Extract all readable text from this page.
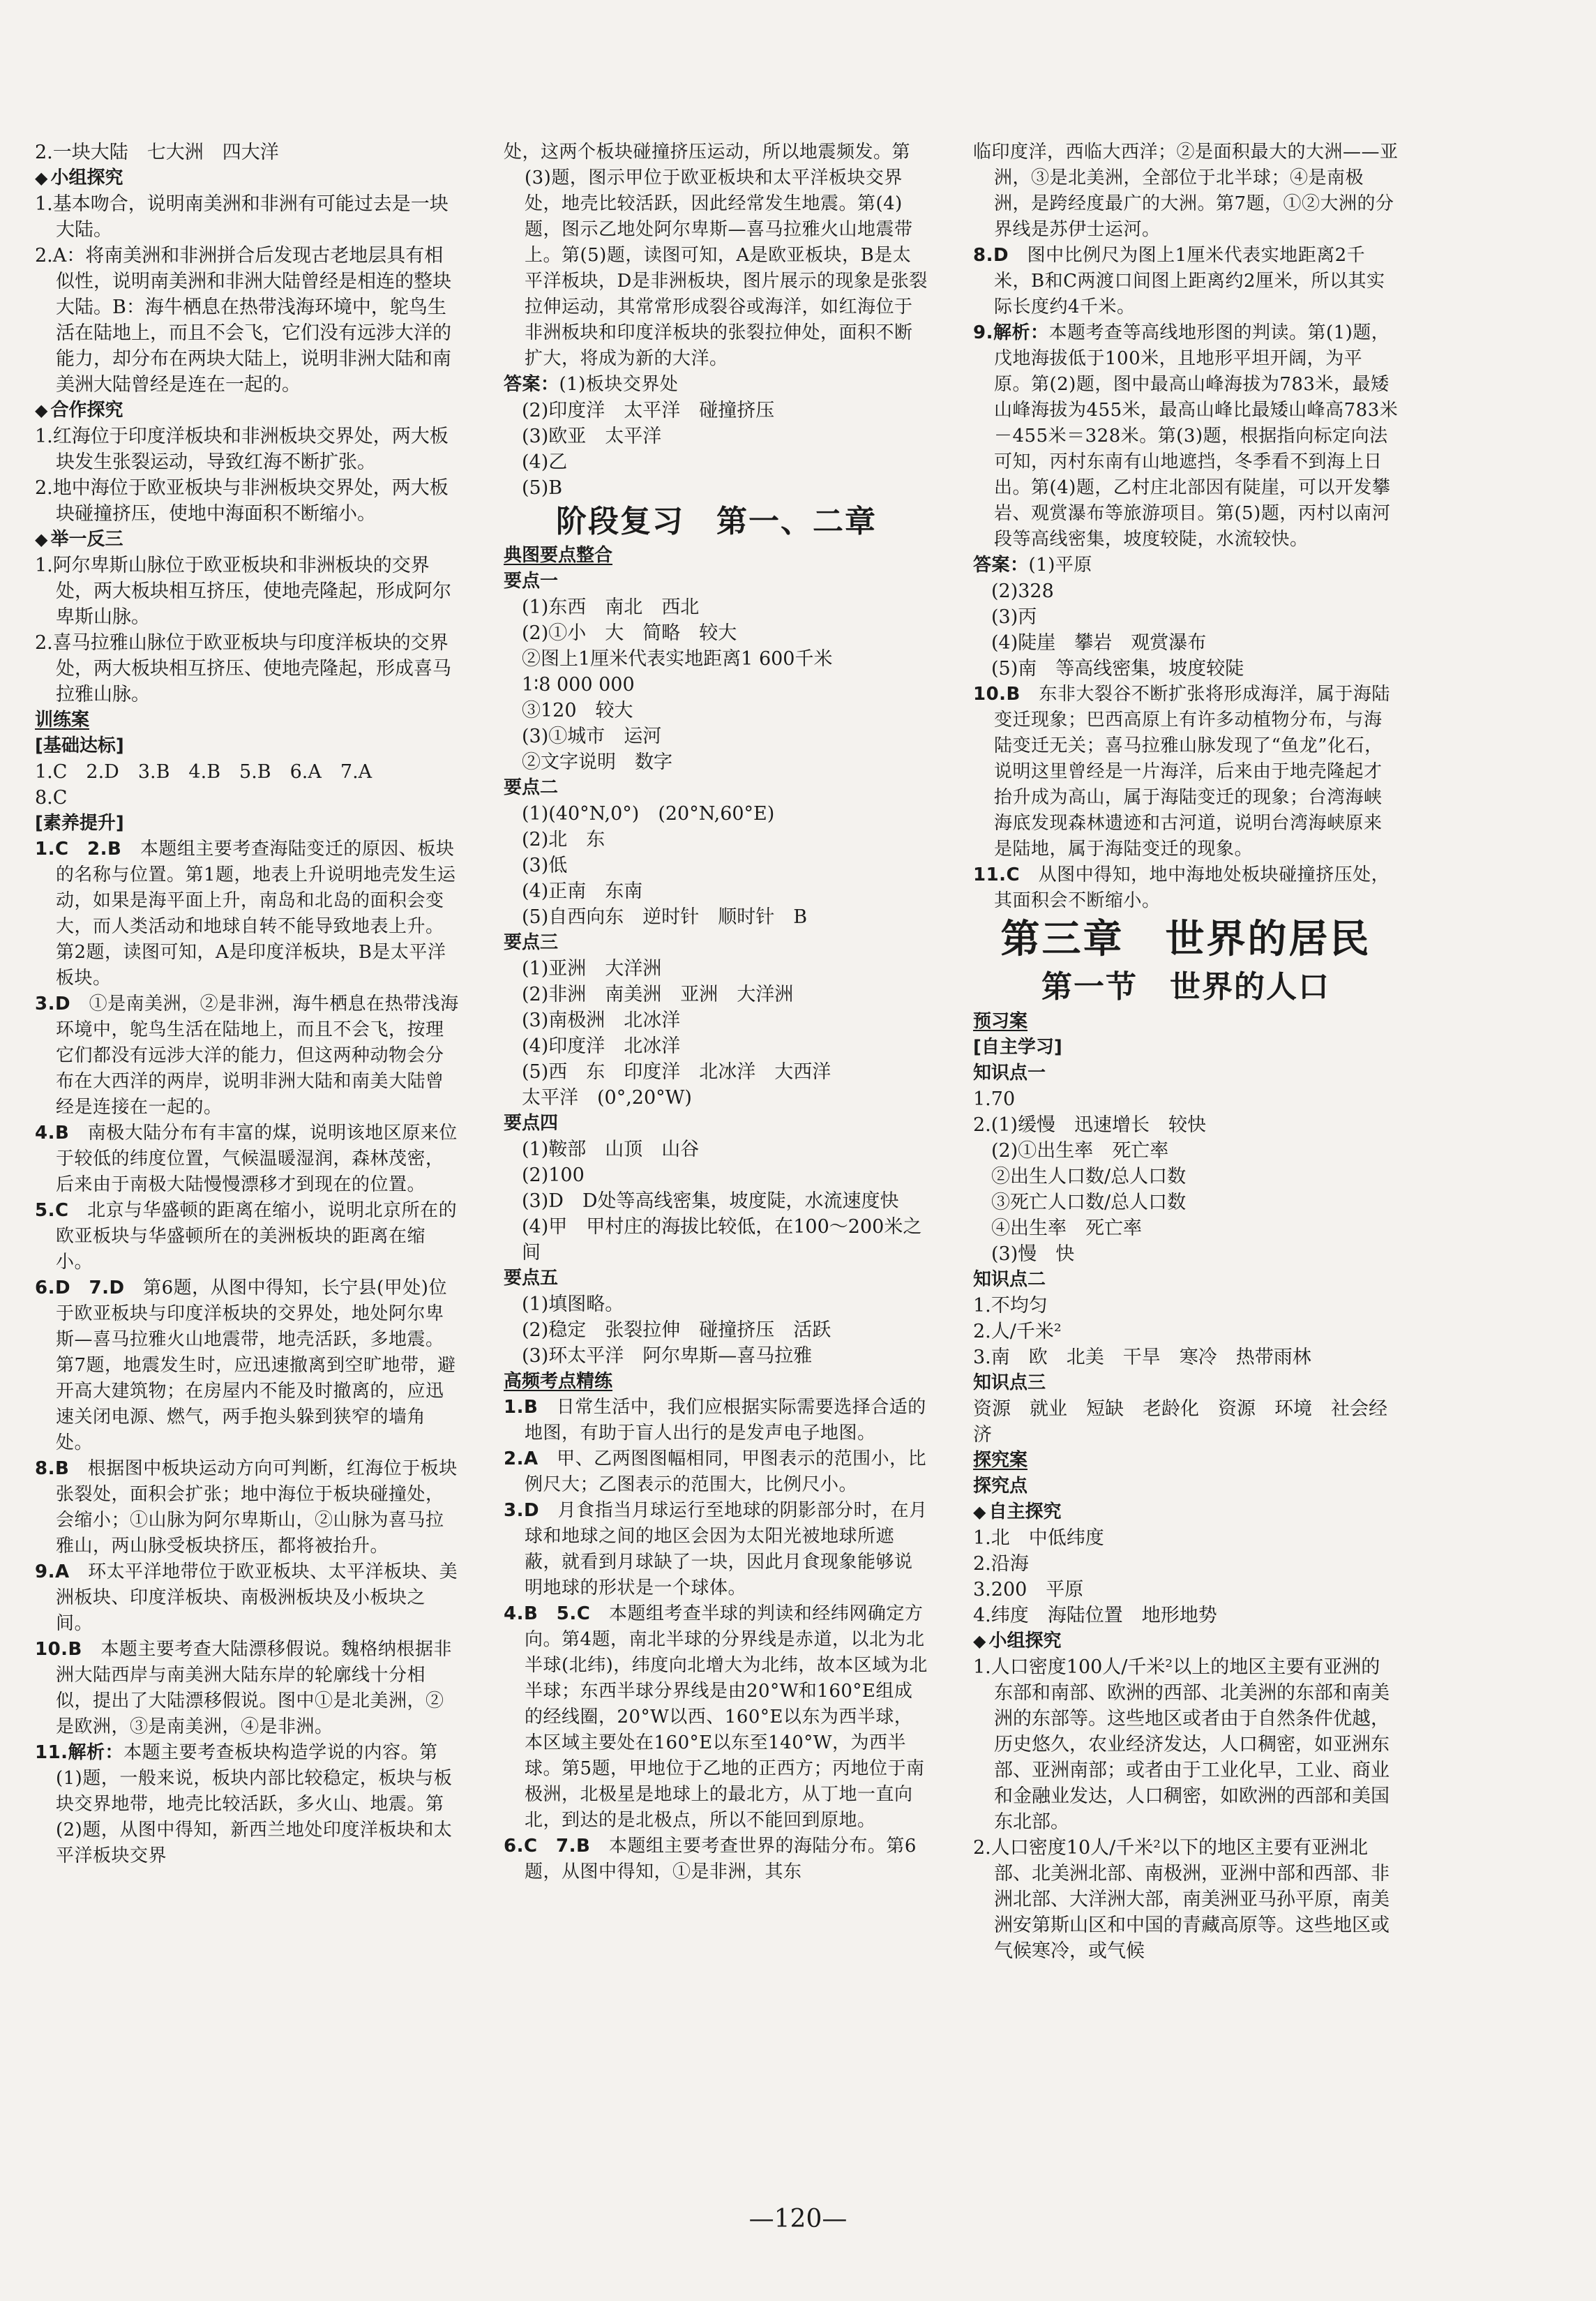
2.一块大陆　七大洲　四大洋

◆ 小组探究

1.基本吻合，说明南美洲和非洲有可能过去是一块大陆。

2.A：将南美洲和非洲拼合后发现古老地层具有相似性，说明南美洲和非洲大陆曾经是相连的整块大陆。B：海牛栖息在热带浅海环境中，鸵鸟生活在陆地上，而且不会飞，它们没有远涉大洋的能力，却分布在两块大陆上，说明非洲大陆和南美洲大陆曾经是连在一起的。

◆ 合作探究

1.红海位于印度洋板块和非洲板块交界处，两大板块发生张裂运动，导致红海不断扩张。

2.地中海位于欧亚板块与非洲板块交界处，两大板块碰撞挤压，使地中海面积不断缩小。

◆ 举一反三

1.阿尔卑斯山脉位于欧亚板块和非洲板块的交界处，两大板块相互挤压，使地壳隆起，形成阿尔卑斯山脉。

2.喜马拉雅山脉位于欧亚板块与印度洋板块的交界处，两大板块相互挤压、使地壳隆起，形成喜马拉雅山脉。

训练案

[基础达标]

1.C　2.D　3.B　4.B　5.B　6.A　7.A

8.C

[素养提升]

1.C　2.B　本题组主要考查海陆变迁的原因、板块的名称与位置。第1题，地表上升说明地壳发生运动，如果是海平面上升，南岛和北岛的面积会变大，而人类活动和地球自转不能导致地表上升。第2题，读图可知，A是印度洋板块，B是太平洋板块。

3.D　①是南美洲，②是非洲，海牛栖息在热带浅海环境中，鸵鸟生活在陆地上，而且不会飞，按理它们都没有远涉大洋的能力，但这两种动物会分布在大西洋的两岸，说明非洲大陆和南美大陆曾经是连接在一起的。

4.B　南极大陆分布有丰富的煤，说明该地区原来位于较低的纬度位置，气候温暖湿润，森林茂密，后来由于南极大陆慢慢漂移才到现在的位置。

5.C　北京与华盛顿的距离在缩小，说明北京所在的欧亚板块与华盛顿所在的美洲板块的距离在缩小。

6.D　7.D　第6题，从图中得知，长宁县(甲处)位于欧亚板块与印度洋板块的交界处，地处阿尔卑斯—喜马拉雅火山地震带，地壳活跃，多地震。第7题，地震发生时，应迅速撤离到空旷地带，避开高大建筑物；在房屋内不能及时撤离的，应迅速关闭电源、燃气，两手抱头躲到狭窄的墙角处。

8.B　根据图中板块运动方向可判断，红海位于板块张裂处，面积会扩张；地中海位于板块碰撞处，会缩小；①山脉为阿尔卑斯山，②山脉为喜马拉雅山，两山脉受板块挤压，都将被抬升。

9.A　环太平洋地带位于欧亚板块、太平洋板块、美洲板块、印度洋板块、南极洲板块及小板块之间。

10.B　本题主要考查大陆漂移假说。魏格纳根据非洲大陆西岸与南美洲大陆东岸的轮廓线十分相似，提出了大陆漂移假说。图中①是北美洲，②是欧洲，③是南美洲，④是非洲。

11.解析：本题主要考查板块构造学说的内容。第(1)题，一般来说，板块内部比较稳定，板块与板块交界地带，地壳比较活跃，多火山、地震。第(2)题，从图中得知，新西兰地处印度洋板块和太平洋板块交界

处，这两个板块碰撞挤压运动，所以地震频发。第(3)题，图示甲位于欧亚板块和太平洋板块交界处，地壳比较活跃，因此经常发生地震。第(4)题，图示乙地处阿尔卑斯—喜马拉雅火山地震带上。第(5)题，读图可知，A是欧亚板块，B是太平洋板块，D是非洲板块，图片展示的现象是张裂拉伸运动，其常常形成裂谷或海洋，如红海位于非洲板块和印度洋板块的张裂拉伸处，面积不断扩大，将成为新的大洋。

答案：(1)板块交界处

(2)印度洋　太平洋　碰撞挤压

(3)欧亚　太平洋

(4)乙

(5)B

阶段复习　第一、二章

典图要点整合

要点一

(1)东西　南北　西北

(2)①小　大　简略　较大

②图上1厘米代表实地距离1 600千米

1∶8 000 000

③120　较大

(3)①城市　运河

②文字说明　数字

要点二

(1)(40°N,0°)　(20°N,60°E)

(2)北　东

(3)低

(4)正南　东南

(5)自西向东　逆时针　顺时针　B

要点三

(1)亚洲　大洋洲

(2)非洲　南美洲　亚洲　大洋洲

(3)南极洲　北冰洋

(4)印度洋　北冰洋

(5)西　东　印度洋　北冰洋　大西洋

太平洋　(0°,20°W)

要点四

(1)鞍部　山顶　山谷

(2)100

(3)D　D处等高线密集，坡度陡，水流速度快

(4)甲　甲村庄的海拔比较低，在100～200米之间

要点五

(1)填图略。

(2)稳定　张裂拉伸　碰撞挤压　活跃

(3)环太平洋　阿尔卑斯—喜马拉雅

高频考点精练

1.B　日常生活中，我们应根据实际需要选择合适的地图，有助于盲人出行的是发声电子地图。

2.A　甲、乙两图图幅相同，甲图表示的范围小，比例尺大；乙图表示的范围大，比例尺小。

3.D　月食指当月球运行至地球的阴影部分时，在月球和地球之间的地区会因为太阳光被地球所遮蔽，就看到月球缺了一块，因此月食现象能够说明地球的形状是一个球体。

4.B　5.C　本题组考查半球的判读和经纬网确定方向。第4题，南北半球的分界线是赤道，以北为北半球(北纬)，纬度向北增大为北纬，故本区域为北半球；东西半球分界线是由20°W和160°E组成的经线圈，20°W以西、160°E以东为西半球，本区域主要处在160°E以东至140°W，为西半球。第5题，甲地位于乙地的正西方；丙地位于南极洲，北极星是地球上的最北方，从丁地一直向北，到达的是北极点，所以不能回到原地。

6.C　7.B　本题组主要考查世界的海陆分布。第6题，从图中得知，①是非洲，其东

临印度洋，西临大西洋；②是面积最大的大洲——亚洲，③是北美洲，全部位于北半球；④是南极洲，是跨经度最广的大洲。第7题，①②大洲的分界线是苏伊士运河。

8.D　图中比例尺为图上1厘米代表实地距离2千米，B和C两渡口间图上距离约2厘米，所以其实际长度约4千米。

9.解析：本题考查等高线地形图的判读。第(1)题，戊地海拔低于100米，且地形平坦开阔，为平原。第(2)题，图中最高山峰海拔为783米，最矮山峰海拔为455米，最高山峰比最矮山峰高783米－455米＝328米。第(3)题，根据指向标定向法可知，丙村东南有山地遮挡，冬季看不到海上日出。第(4)题，乙村庄北部因有陡崖，可以开发攀岩、观赏瀑布等旅游项目。第(5)题，丙村以南河段等高线密集，坡度较陡，水流较快。

答案：(1)平原

(2)328

(3)丙

(4)陡崖　攀岩　观赏瀑布

(5)南　等高线密集，坡度较陡

10.B　东非大裂谷不断扩张将形成海洋，属于海陆变迁现象；巴西高原上有许多动植物分布，与海陆变迁无关；喜马拉雅山脉发现了“鱼龙”化石，说明这里曾经是一片海洋，后来由于地壳隆起才抬升成为高山，属于海陆变迁的现象；台湾海峡海底发现森林遗迹和古河道，说明台湾海峡原来是陆地，属于海陆变迁的现象。

11.C　从图中得知，地中海地处板块碰撞挤压处，其面积会不断缩小。

第三章　世界的居民

第一节　世界的人口

预习案

[自主学习]

知识点一

1.70

2.(1)缓慢　迅速增长　较快

(2)①出生率　死亡率

②出生人口数/总人口数

③死亡人口数/总人口数

④出生率　死亡率

(3)慢　快

知识点二

1.不均匀

2.人/千米²

3.南　欧　北美　干旱　寒冷　热带雨林

知识点三

资源　就业　短缺　老龄化　资源　环境　社会经济

探究案

探究点

◆ 自主探究

1.北　中低纬度

2.沿海

3.200　平原

4.纬度　海陆位置　地形地势

◆ 小组探究

1.人口密度100人/千米²以上的地区主要有亚洲的东部和南部、欧洲的西部、北美洲的东部和南美洲的东部等。这些地区或者由于自然条件优越，历史悠久，农业经济发达，人口稠密，如亚洲东部、亚洲南部；或者由于工业化早，工业、商业和金融业发达，人口稠密，如欧洲的西部和美国东北部。

2.人口密度10人/千米²以下的地区主要有亚洲北部、北美洲北部、南极洲，亚洲中部和西部、非洲北部、大洋洲大部，南美洲亚马孙平原，南美洲安第斯山区和中国的青藏高原等。这些地区或气候寒冷，或气候

—120—
